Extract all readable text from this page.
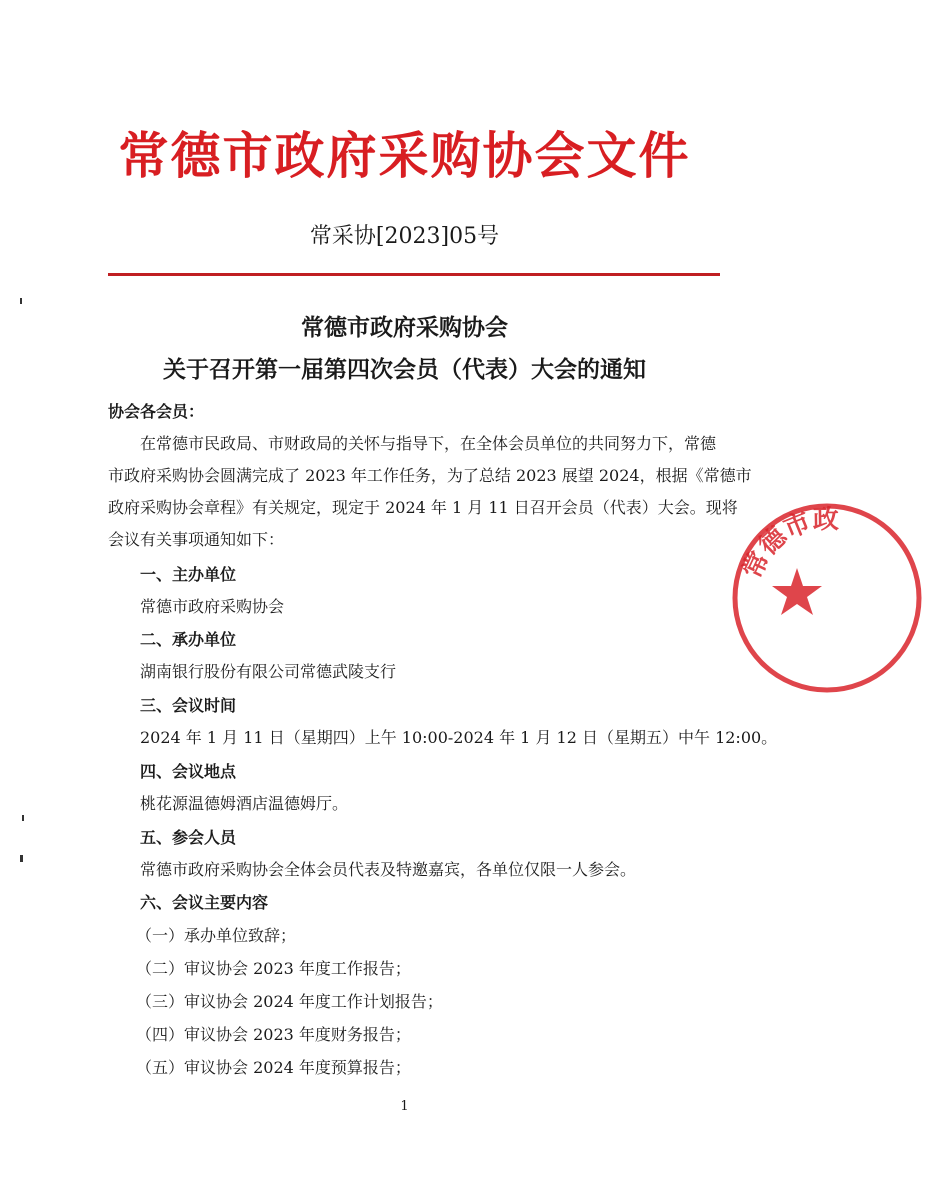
常德市政府采购协会文件
常采协[2023]05号
常德市政府采购协会
关于召开第一届第四次会员（代表）大会的通知
协会各会员：
在常德市民政局、市财政局的关怀与指导下，在全体会员单位的共同努力下，常德
市政府采购协会圆满完成了 2023 年工作任务，为了总结 2023 展望 2024，根据《常德市
政府采购协会章程》有关规定，现定于 2024 年 1 月 11 日召开会员（代表）大会。现将
会议有关事项通知如下：
一、主办单位
常德市政府采购协会
二、承办单位
湖南银行股份有限公司常德武陵支行
三、会议时间
2024 年 1 月 11 日（星期四）上午 10:00-2024 年 1 月 12 日（星期五）中午 12:00。
四、会议地点
桃花源温德姆酒店温德姆厅。
五、参会人员
常德市政府采购协会全体会员代表及特邀嘉宾，各单位仅限一人参会。
六、会议主要内容
（一）承办单位致辞；
（二）审议协会 2023 年度工作报告；
（三）审议协会 2024 年度工作计划报告；
（四）审议协会 2023 年度财务报告；
（五）审议协会 2024 年度预算报告；
1
常德市政
